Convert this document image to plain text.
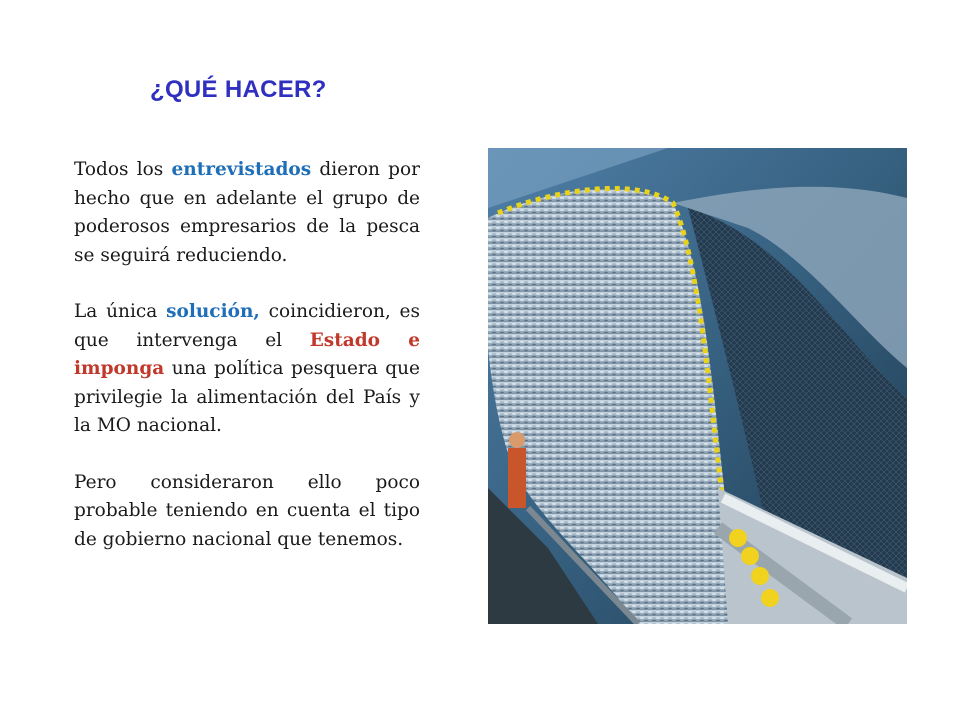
¿QUÉ HACER?

Todos los entrevistados dieron por hecho que en adelante el grupo de poderosos empresarios de la pesca se seguirá reduciendo.

La única solución, coincidieron, es que intervenga el Estado e imponga una política pesquera que privilegie la alimentación del País y la MO nacional.

Pero consideraron ello poco probable teniendo en cuenta el tipo de gobierno nacional que tenemos.
